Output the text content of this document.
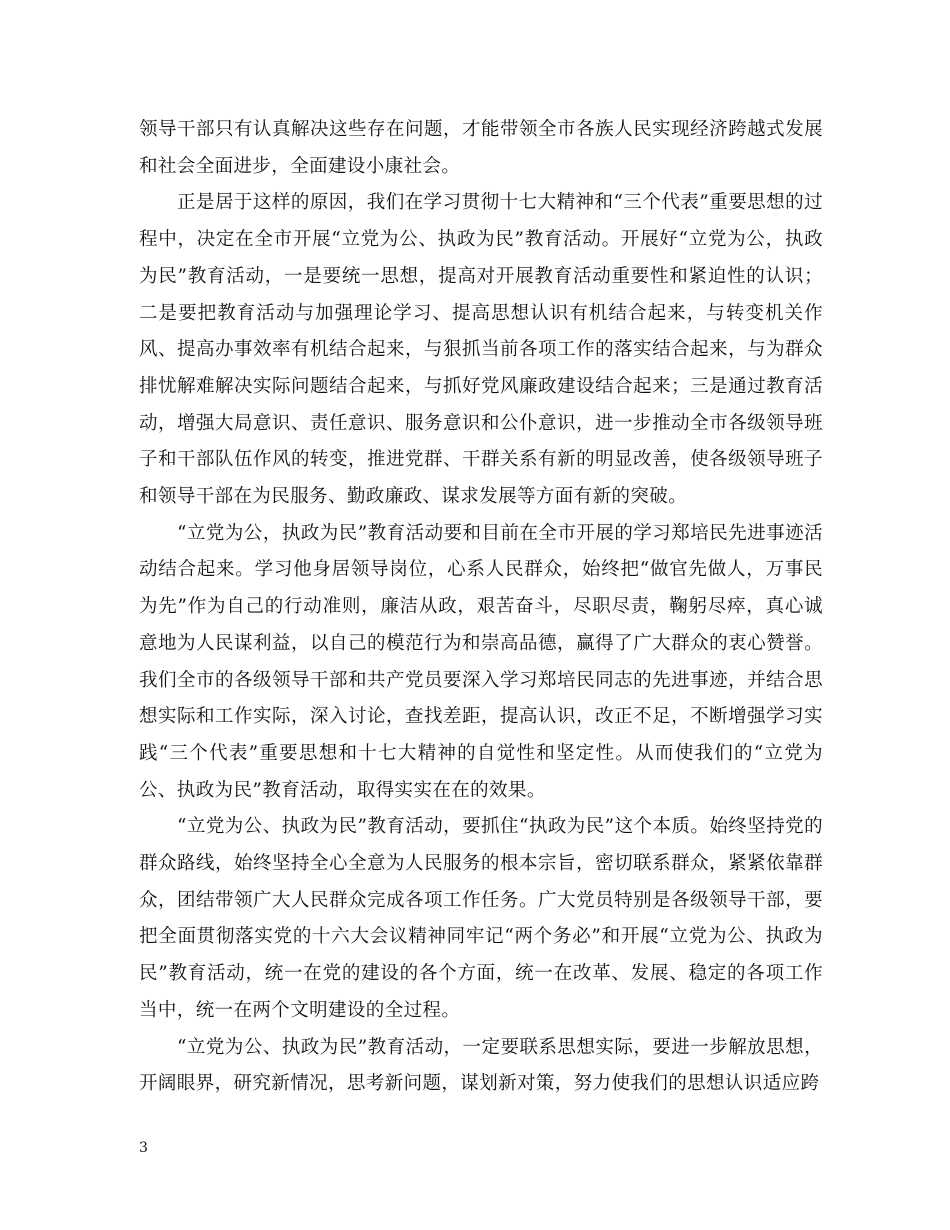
领导干部只有认真解决这些存在问题，才能带领全市各族人民实现经济跨越式发展和社会全面进步，全面建设小康社会。

正是居于这样的原因，我们在学习贯彻十七大精神和“三个代表”重要思想的过程中，决定在全市开展“立党为公、执政为民”教育活动。开展好“立党为公，执政为民”教育活动，一是要统一思想，提高对开展教育活动重要性和紧迫性的认识；二是要把教育活动与加强理论学习、提高思想认识有机结合起来，与转变机关作风、提高办事效率有机结合起来，与狠抓当前各项工作的落实结合起来，与为群众排忧解难解决实际问题结合起来，与抓好党风廉政建设结合起来；三是通过教育活动，增强大局意识、责任意识、服务意识和公仆意识，进一步推动全市各级领导班子和干部队伍作风的转变，推进党群、干群关系有新的明显改善，使各级领导班子和领导干部在为民服务、勤政廉政、谋求发展等方面有新的突破。

“立党为公，执政为民”教育活动要和目前在全市开展的学习郑培民先进事迹活动结合起来。学习他身居领导岗位，心系人民群众，始终把“做官先做人，万事民为先”作为自己的行动准则，廉洁从政，艰苦奋斗，尽职尽责，鞠躬尽瘁，真心诚意地为人民谋利益，以自己的模范行为和崇高品德，赢得了广大群众的衷心赞誉。我们全市的各级领导干部和共产党员要深入学习郑培民同志的先进事迹，并结合思想实际和工作实际，深入讨论，查找差距，提高认识，改正不足，不断增强学习实践“三个代表”重要思想和十七大精神的自觉性和坚定性。从而使我们的“立党为公、执政为民”教育活动，取得实实在在的效果。

“立党为公、执政为民”教育活动，要抓住“执政为民”这个本质。始终坚持党的群众路线，始终坚持全心全意为人民服务的根本宗旨，密切联系群众，紧紧依靠群众，团结带领广大人民群众完成各项工作任务。广大党员特别是各级领导干部，要把全面贯彻落实党的十六大会议精神同牢记“两个务必”和开展“立党为公、执政为民”教育活动，统一在党的建设的各个方面，统一在改革、发展、稳定的各项工作当中，统一在两个文明建设的全过程。

“立党为公、执政为民”教育活动，一定要联系思想实际，要进一步解放思想，开阔眼界，研究新情况，思考新问题，谋划新对策，努力使我们的思想认识适应跨

3
